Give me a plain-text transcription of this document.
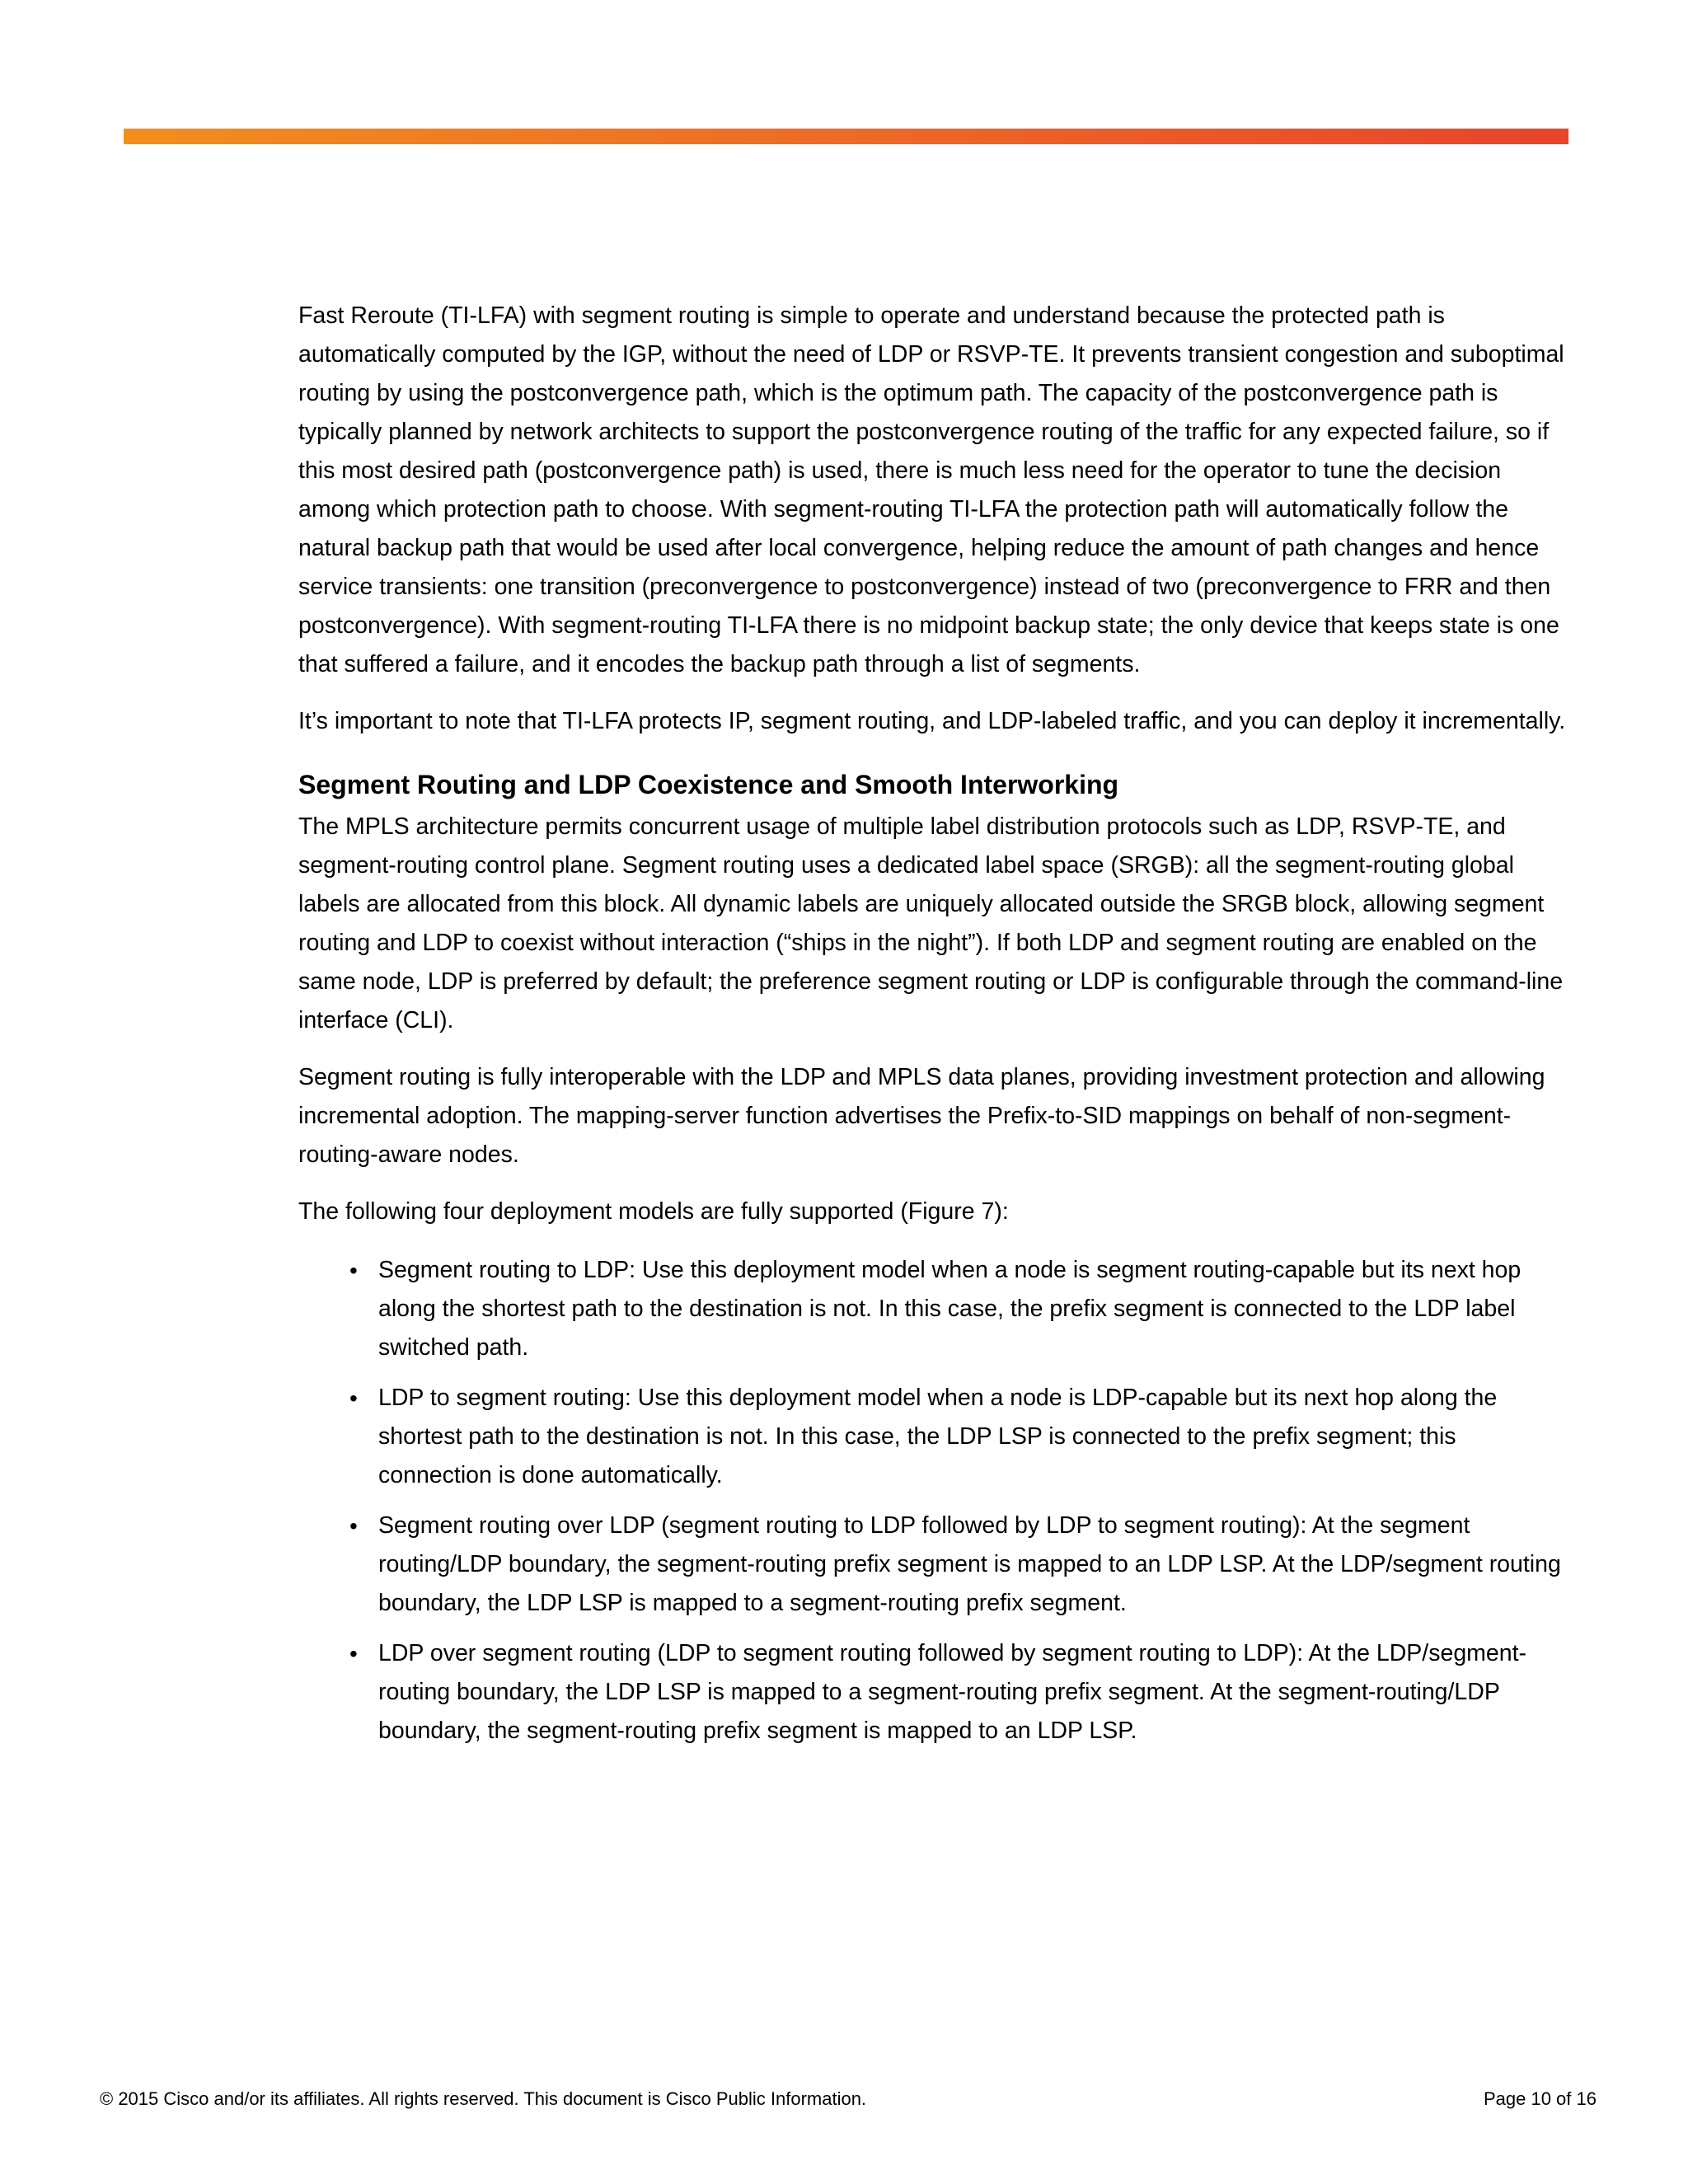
Fast Reroute (TI-LFA) with segment routing is simple to operate and understand because the protected path is automatically computed by the IGP, without the need of LDP or RSVP-TE. It prevents transient congestion and suboptimal routing by using the postconvergence path, which is the optimum path. The capacity of the postconvergence path is typically planned by network architects to support the postconvergence routing of the traffic for any expected failure, so if this most desired path (postconvergence path) is used, there is much less need for the operator to tune the decision among which protection path to choose. With segment-routing TI-LFA the protection path will automatically follow the natural backup path that would be used after local convergence, helping reduce the amount of path changes and hence service transients: one transition (preconvergence to postconvergence) instead of two (preconvergence to FRR and then postconvergence). With segment-routing TI-LFA there is no midpoint backup state; the only device that keeps state is one that suffered a failure, and it encodes the backup path through a list of segments.

It’s important to note that TI-LFA protects IP, segment routing, and LDP-labeled traffic, and you can deploy it incrementally.

Segment Routing and LDP Coexistence and Smooth Interworking

The MPLS architecture permits concurrent usage of multiple label distribution protocols such as LDP, RSVP-TE, and segment-routing control plane. Segment routing uses a dedicated label space (SRGB): all the segment-routing global labels are allocated from this block. All dynamic labels are uniquely allocated outside the SRGB block, allowing segment routing and LDP to coexist without interaction (“ships in the night”). If both LDP and segment routing are enabled on the same node, LDP is preferred by default; the preference segment routing or LDP is configurable through the command-line interface (CLI).

Segment routing is fully interoperable with the LDP and MPLS data planes, providing investment protection and allowing incremental adoption. The mapping-server function advertises the Prefix-to-SID mappings on behalf of non-segment-routing-aware nodes.

The following four deployment models are fully supported (Figure 7):

• Segment routing to LDP: Use this deployment model when a node is segment routing-capable but its next hop along the shortest path to the destination is not. In this case, the prefix segment is connected to the LDP label switched path.
• LDP to segment routing: Use this deployment model when a node is LDP-capable but its next hop along the shortest path to the destination is not. In this case, the LDP LSP is connected to the prefix segment; this connection is done automatically.
• Segment routing over LDP (segment routing to LDP followed by LDP to segment routing): At the segment routing/LDP boundary, the segment-routing prefix segment is mapped to an LDP LSP. At the LDP/segment routing boundary, the LDP LSP is mapped to a segment-routing prefix segment.
• LDP over segment routing (LDP to segment routing followed by segment routing to LDP): At the LDP/segment-routing boundary, the LDP LSP is mapped to a segment-routing prefix segment. At the segment-routing/LDP boundary, the segment-routing prefix segment is mapped to an LDP LSP.
© 2015 Cisco and/or its affiliates. All rights reserved. This document is Cisco Public Information.	Page 10 of 16
